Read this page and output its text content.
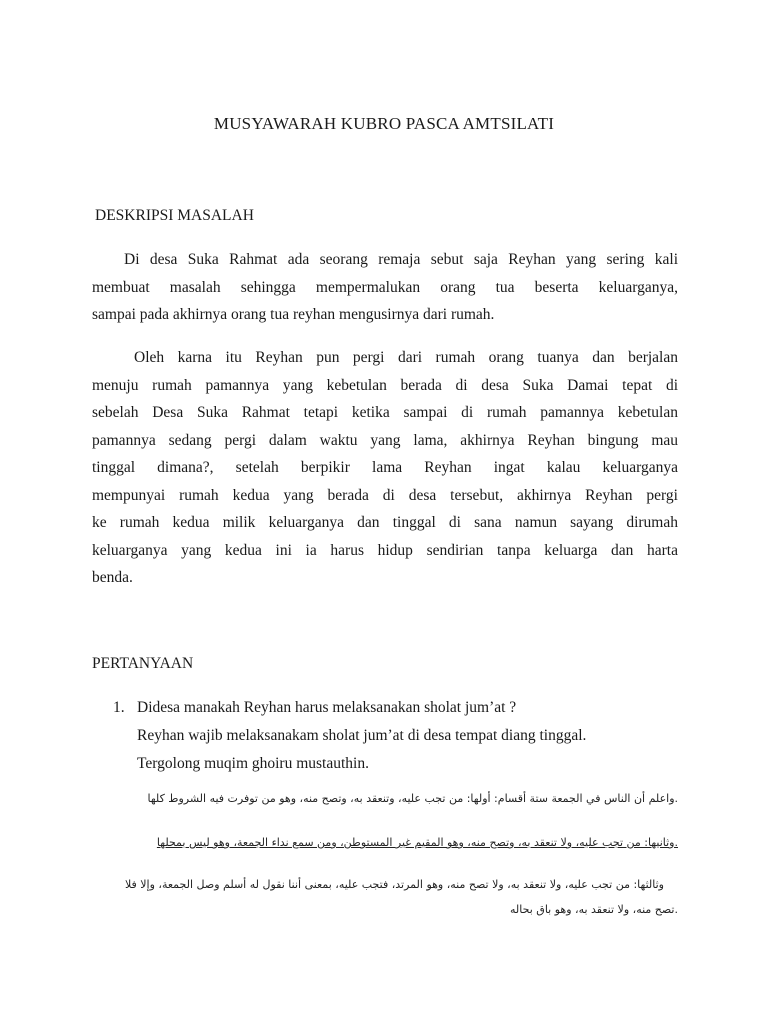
MUSYAWARAH KUBRO PASCA AMTSILATI
DESKRIPSI MASALAH
Di desa Suka Rahmat ada seorang remaja sebut saja Reyhan yang sering kali
membuat masalah sehingga mempermalukan orang tua beserta keluarganya,
sampai pada akhirnya orang tua reyhan mengusirnya dari rumah.
Oleh karna itu Reyhan pun pergi dari rumah orang tuanya dan berjalan
menuju rumah pamannya yang kebetulan berada di desa Suka Damai tepat di
sebelah Desa Suka Rahmat tetapi ketika sampai di rumah pamannya kebetulan
pamannya sedang pergi dalam waktu yang lama, akhirnya Reyhan bingung mau
tinggal dimana?, setelah berpikir lama Reyhan ingat kalau keluarganya
mempunyai rumah kedua yang berada di desa tersebut, akhirnya Reyhan pergi
ke rumah kedua milik keluarganya dan tinggal di sana namun sayang dirumah
keluarganya yang kedua ini ia harus hidup sendirian tanpa keluarga dan harta
benda.
PERTANYAAN
1. Didesa manakah Reyhan harus melaksanakan sholat jum’at ?
Reyhan wajib melaksanakam sholat jum’at di desa tempat diang tinggal.
Tergolong muqim ghoiru mustauthin.
.واعلم أن الناس في الجمعة ستة أقسام: أولها: من تجب عليه، وتنعقد به، وتصح منه، وهو من توفرت فيه الشروط كلها
.وثانيها: من تجب عليه، ولا تنعقد به، وتصح منه، وهو المقيم غير المستوطن، ومن سمع نداء الجمعة، وهو ليس بمحلها
وثالثها: من تجب عليه، ولا تنعقد به، ولا تصح منه، وهو المرتد، فتجب عليه، بمعنى أننا نقول له أسلم وصل الجمعة، وإلا فلا
.تصح منه، ولا تنعقد به، وهو باق بحاله
